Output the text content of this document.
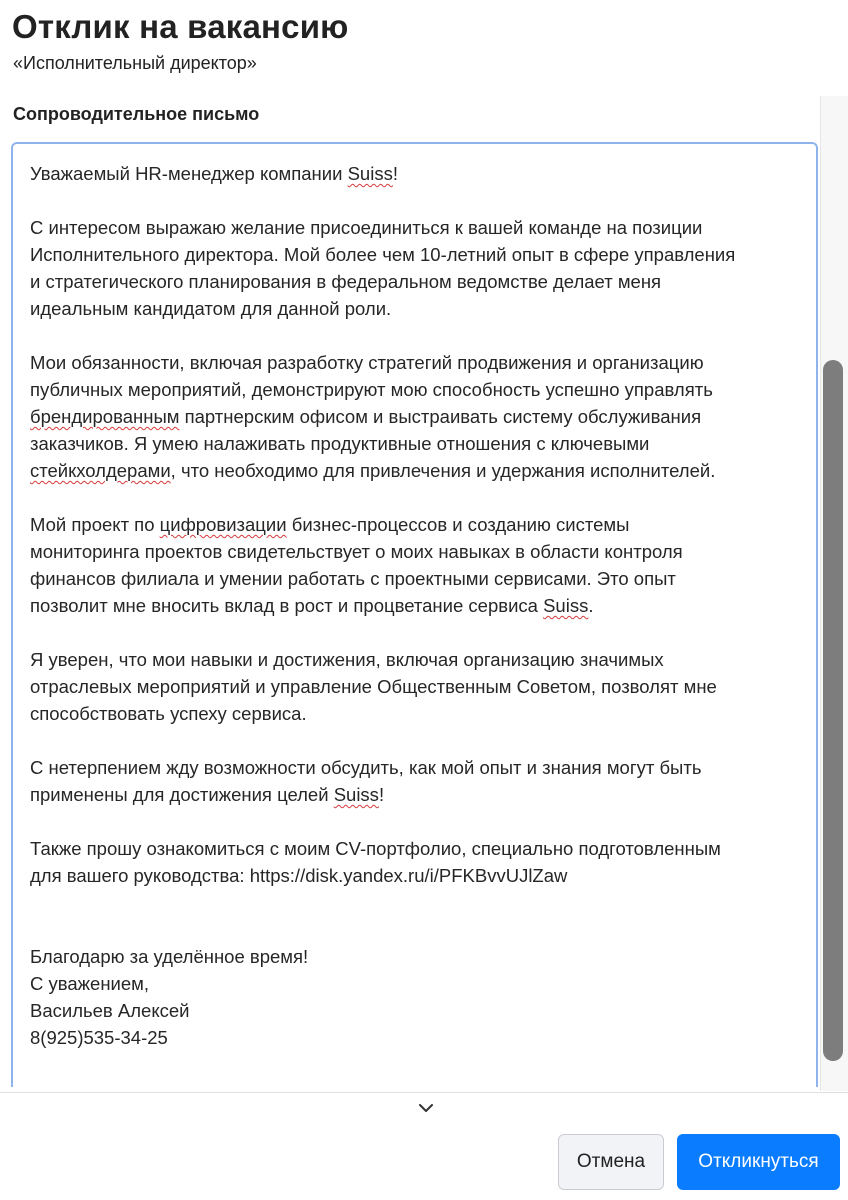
Отклик на вакансию
«Исполнительный директор»
Сопроводительное письмо
Уважаемый HR-менеджер компании Suiss!

С интересом выражаю желание присоединиться к вашей команде на позиции
Исполнительного директора. Мой более чем 10-летний опыт в сфере управления
и стратегического планирования в федеральном ведомстве делает меня
идеальным кандидатом для данной роли.

Мои обязанности, включая разработку стратегий продвижения и организацию
публичных мероприятий, демонстрируют мою способность успешно управлять
брендированным партнерским офисом и выстраивать систему обслуживания
заказчиков. Я умею налаживать продуктивные отношения с ключевыми
стейкхолдерами, что необходимо для привлечения и удержания исполнителей.

Мой проект по цифровизации бизнес-процессов и созданию системы
мониторинга проектов свидетельствует о моих навыках в области контроля
финансов филиала и умении работать с проектными сервисами. Это опыт
позволит мне вносить вклад в рост и процветание сервиса Suiss.

Я уверен, что мои навыки и достижения, включая организацию значимых
отраслевых мероприятий и управление Общественным Советом, позволят мне
способствовать успеху сервиса.

С нетерпением жду возможности обсудить, как мой опыт и знания могут быть
применены для достижения целей Suiss!

Также прошу ознакомиться с моим CV-портфолио, специально подготовленным
для вашего руководства: https://disk.yandex.ru/i/PFKBvvUJlZaw

Благодарю за уделённое время!
С уважением,
Васильев Алексей
8(925)535-34-25
Отмена	Откликнуться
